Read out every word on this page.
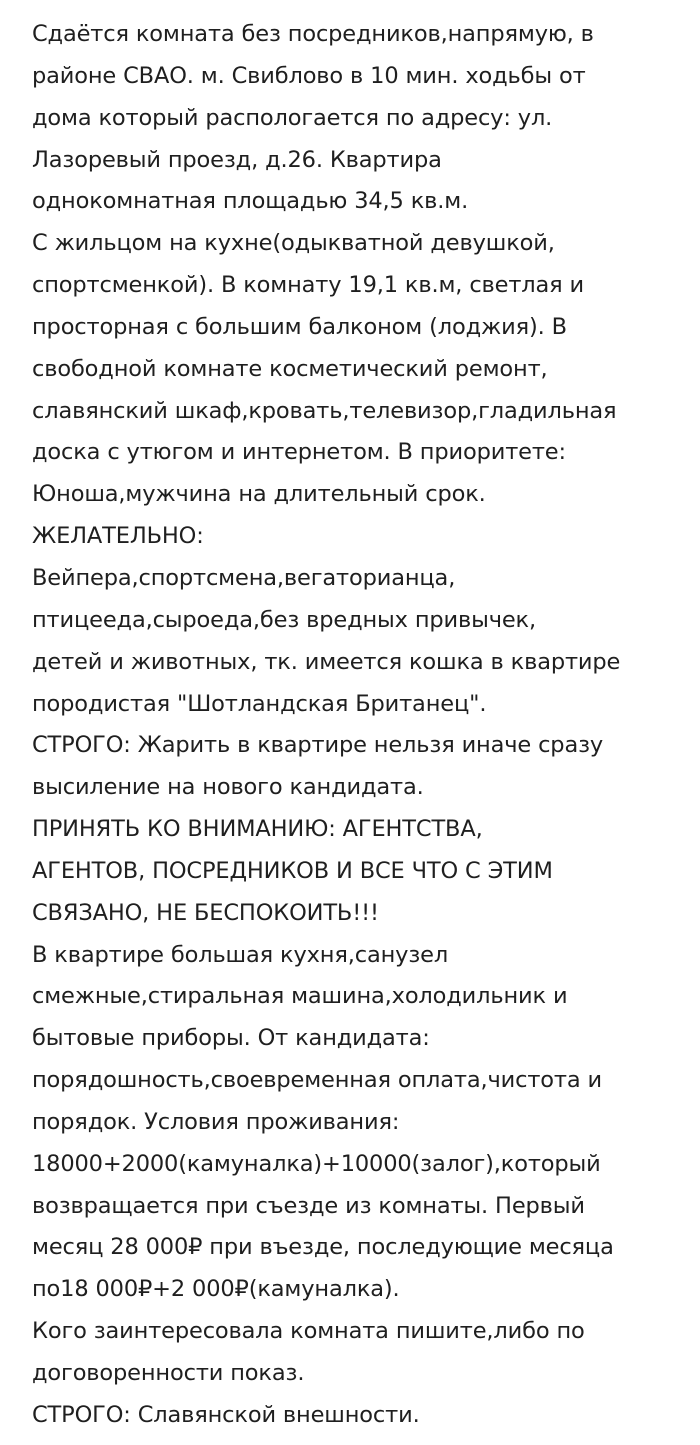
Сдаётся комната без посредников,напрямую, в
районе СВАО. м. Свиблово в 10 мин. ходьбы от
дома который распологается по адресу: ул.
Лазоревый проезд, д.26. Квартира
однокомнатная площадью 34,5 кв.м.
С жильцом на кухне(одыкватной девушкой,
спортсменкой). В комнату 19,1 кв.м, светлая и
просторная с большим балконом (лоджия). В
свободной комнате косметический ремонт,
славянский шкаф,кровать,телевизор,гладильная
доска с утюгом и интернетом. В приоритете:
Юноша,мужчина на длительный срок.
ЖЕЛАТЕЛЬНО:
Вейпера,спортсмена,вегаторианца,
птицееда,сыроеда,без вредных привычек,
детей и животных, тк. имеется кошка в квартире
породистая "Шотландская Британец".
СТРОГО: Жарить в квартире нельзя иначе сразу
высиление на нового кандидата.
ПРИНЯТЬ КО ВНИМАНИЮ: АГЕНТСТВА,
АГЕНТОВ, ПОСРЕДНИКОВ И ВСЕ ЧТО С ЭТИМ
СВЯЗАНО, НЕ БЕСПОКОИТЬ!!!
В квартире большая кухня,санузел
смежные,стиральная машина,холодильник и
бытовые приборы. От кандидата:
порядошность,своевременная оплата,чистота и
порядок. Условия проживания:
18000+2000(камуналка)+10000(залог),который
возвращается при съезде из комнаты. Первый
месяц 28 000₽ при въезде, последующие месяца
по18 000₽+2 000₽(камуналка).
Кого заинтересовала комната пишите,либо по
договоренности показ.
СТРОГО: Славянской внешности.
